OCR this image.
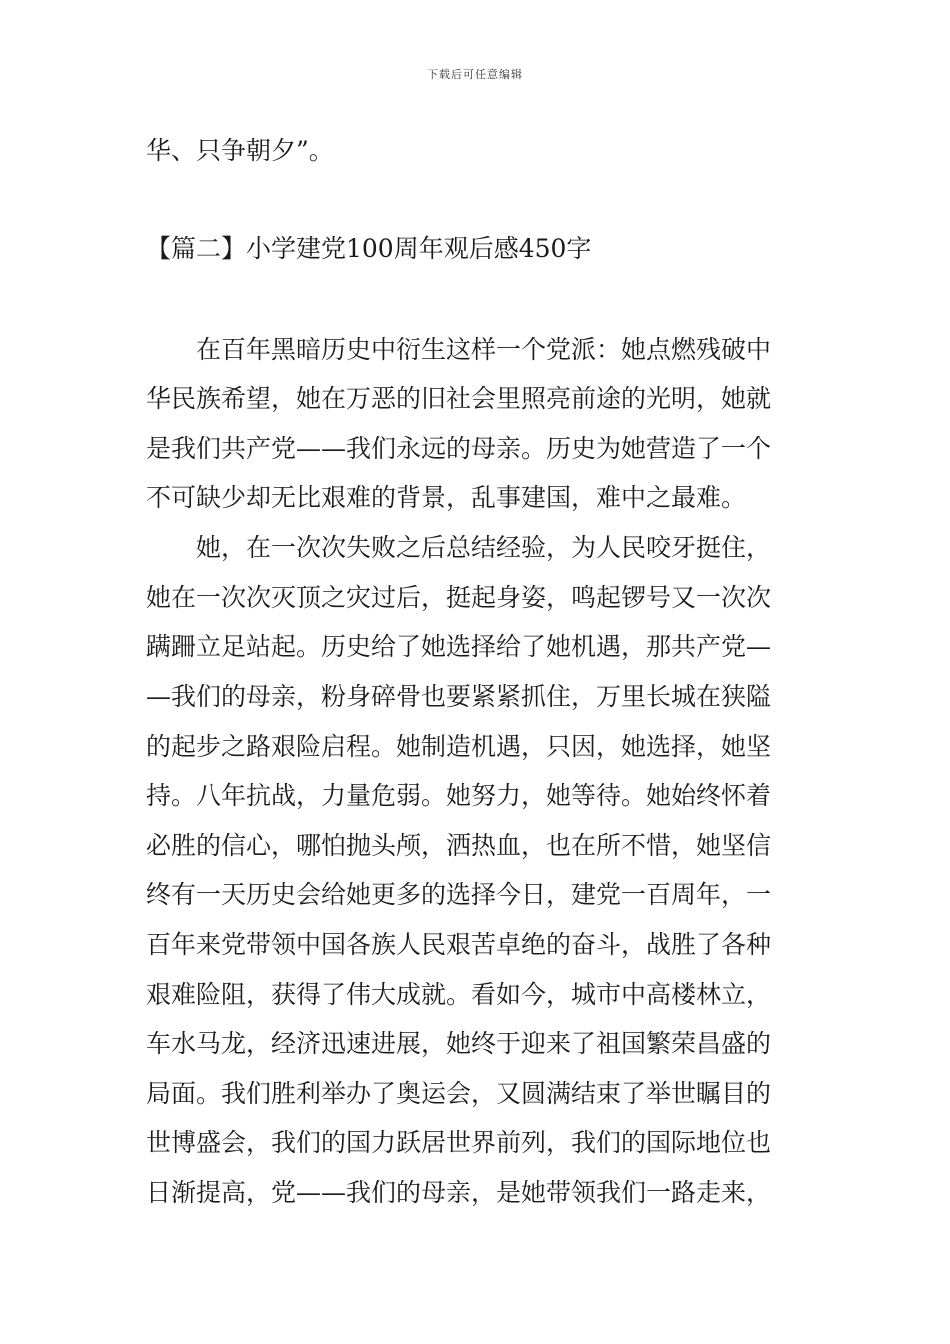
下载后可任意编辑
华、只争朝夕”。
【篇二】小学建党100周年观后感450字
在百年黑暗历史中衍生这样一个党派：她点燃残破中
华民族希望，她在万恶的旧社会里照亮前途的光明，她就
是我们共产党——我们永远的母亲。历史为她营造了一个
不可缺少却无比艰难的背景，乱事建国，难中之最难。
她，在一次次失败之后总结经验，为人民咬牙挺住，
她在一次次灭顶之灾过后，挺起身姿，鸣起锣号又一次次
蹒跚立足站起。历史给了她选择给了她机遇，那共产党—
—我们的母亲，粉身碎骨也要紧紧抓住，万里长城在狭隘
的起步之路艰险启程。她制造机遇，只因，她选择，她坚
持。八年抗战，力量危弱。她努力，她等待。她始终怀着
必胜的信心，哪怕抛头颅，洒热血，也在所不惜，她坚信
终有一天历史会给她更多的选择今日，建党一百周年，一
百年来党带领中国各族人民艰苦卓绝的奋斗，战胜了各种
艰难险阻，获得了伟大成就。看如今，城市中高楼林立，
车水马龙，经济迅速进展，她终于迎来了祖国繁荣昌盛的
局面。我们胜利举办了奥运会，又圆满结束了举世瞩目的
世博盛会，我们的国力跃居世界前列，我们的国际地位也
日渐提高，党——我们的母亲，是她带领我们一路走来，
